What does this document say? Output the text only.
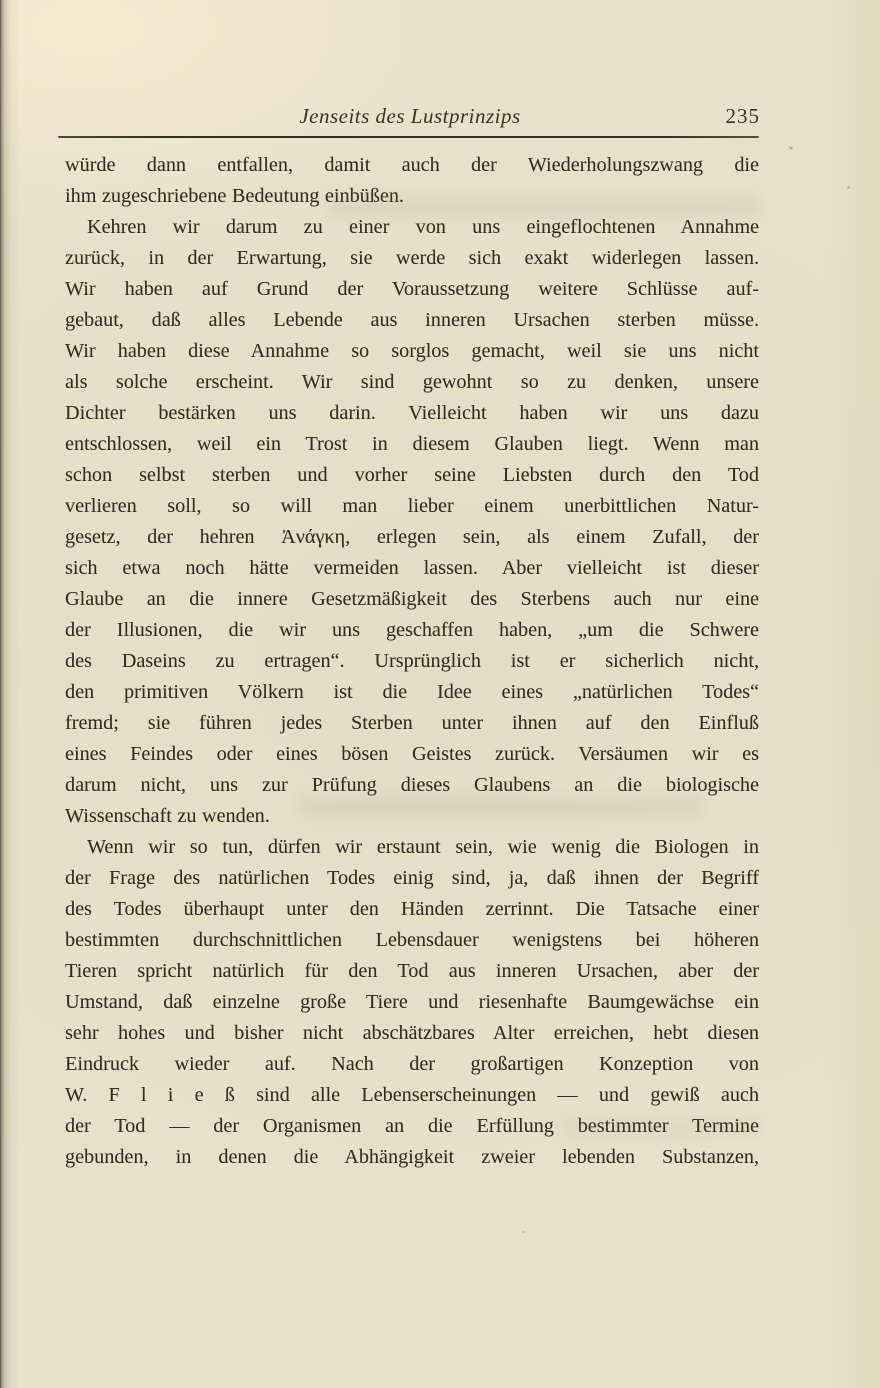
Jenseits des Lustprinzips	235
würde dann entfallen, damit auch der Wiederholungszwang die
ihm zugeschriebene Bedeutung einbüßen.
Kehren wir darum zu einer von uns eingeflochtenen Annahme
zurück, in der Erwartung, sie werde sich exakt widerlegen lassen.
Wir haben auf Grund der Voraussetzung weitere Schlüsse auf-
gebaut, daß alles Lebende aus inneren Ursachen sterben müsse.
Wir haben diese Annahme so sorglos gemacht, weil sie uns nicht
als solche erscheint. Wir sind gewohnt so zu denken, unsere
Dichter bestärken uns darin. Vielleicht haben wir uns dazu
entschlossen, weil ein Trost in diesem Glauben liegt. Wenn man
schon selbst sterben und vorher seine Liebsten durch den Tod
verlieren soll, so will man lieber einem unerbittlichen Natur-
gesetz, der hehren Ἀνάγκη, erlegen sein, als einem Zufall, der
sich etwa noch hätte vermeiden lassen. Aber vielleicht ist dieser
Glaube an die innere Gesetzmäßigkeit des Sterbens auch nur eine
der Illusionen, die wir uns geschaffen haben, „um die Schwere
des Daseins zu ertragen“. Ursprünglich ist er sicherlich nicht,
den primitiven Völkern ist die Idee eines „natürlichen Todes“
fremd; sie führen jedes Sterben unter ihnen auf den Einfluß
eines Feindes oder eines bösen Geistes zurück. Versäumen wir es
darum nicht, uns zur Prüfung dieses Glaubens an die biologische
Wissenschaft zu wenden.
Wenn wir so tun, dürfen wir erstaunt sein, wie wenig die Biologen in
der Frage des natürlichen Todes einig sind, ja, daß ihnen der Begriff
des Todes überhaupt unter den Händen zerrinnt. Die Tatsache einer
bestimmten durchschnittlichen Lebensdauer wenigstens bei höheren
Tieren spricht natürlich für den Tod aus inneren Ursachen, aber der
Umstand, daß einzelne große Tiere und riesenhafte Baumgewächse ein
sehr hohes und bisher nicht abschätzbares Alter erreichen, hebt diesen
Eindruck wieder auf. Nach der großartigen Konzeption von
W. F l i e ß sind alle Lebenserscheinungen — und gewiß auch
der Tod — der Organismen an die Erfüllung bestimmter Termine
gebunden, in denen die Abhängigkeit zweier lebenden Substanzen,
